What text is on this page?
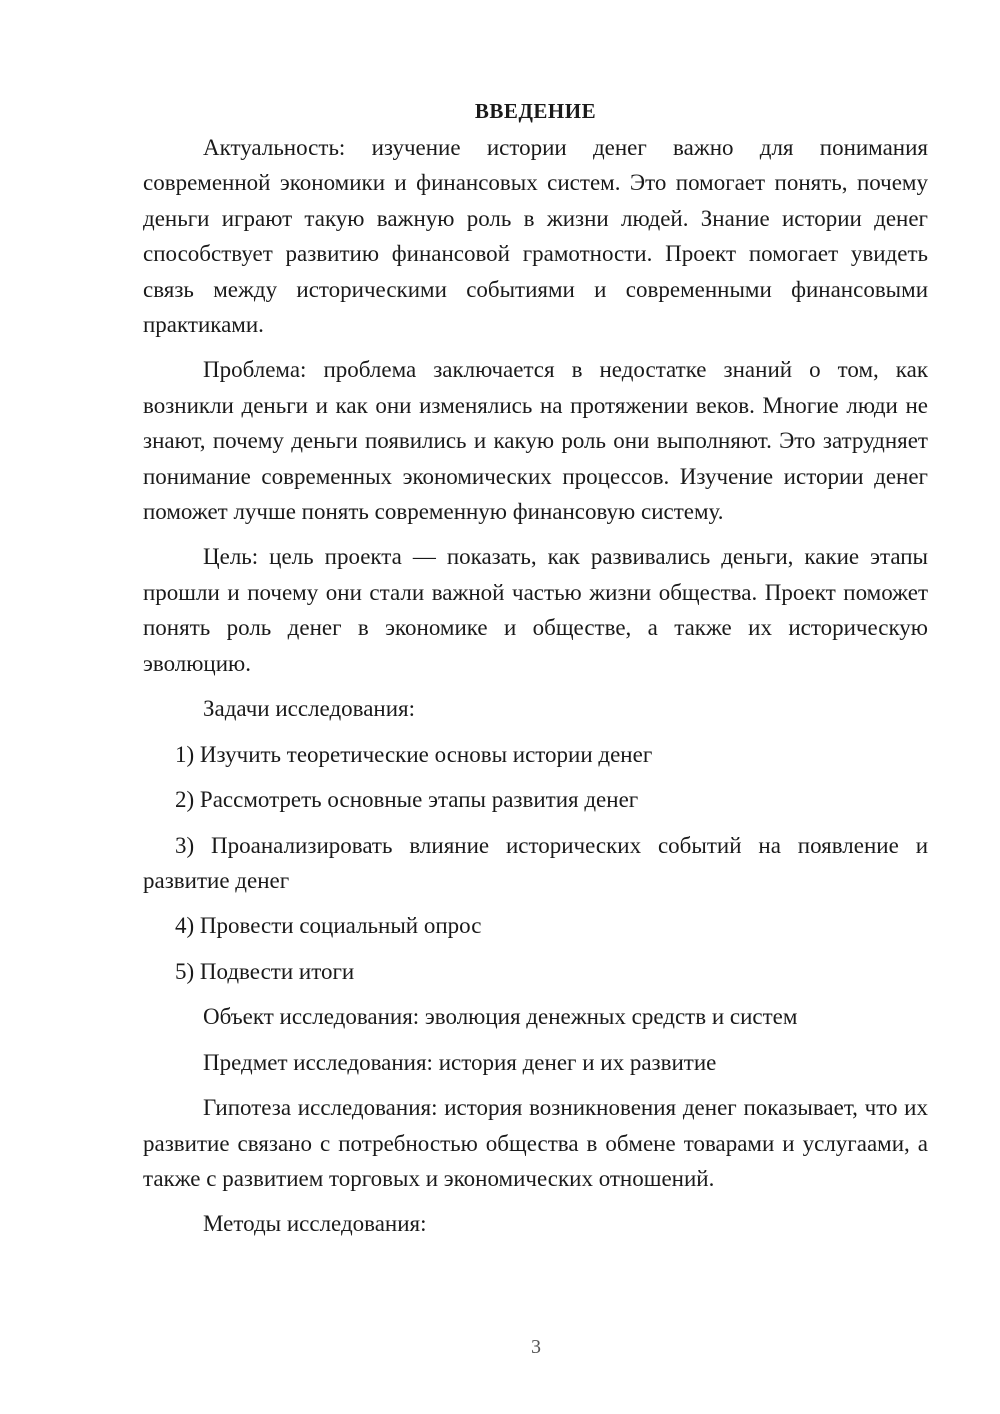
ВВЕДЕНИЕ

Актуальность: изучение истории денег важно для понимания современной экономики и финансовых систем. Это помогает понять, почему деньги играют такую важную роль в жизни людей. Знание истории денег способствует развитию финансовой грамотности. Проект помогает увидеть связь между историческими событиями и современными финансовыми практиками.

Проблема: проблема заключается в недостатке знаний о том, как возникли деньги и как они изменялись на протяжении веков. Многие люди не знают, почему деньги появились и какую роль они выполняют. Это затрудняет понимание современных экономических процессов. Изучение истории денег поможет лучше понять современную финансовую систему.

Цель: цель проекта — показать, как развивались деньги, какие этапы прошли и почему они стали важной частью жизни общества. Проект поможет понять роль денег в экономике и обществе, а также их историческую эволюцию.

Задачи исследования:

1) Изучить теоретические основы истории денег

2) Рассмотреть основные этапы развития денег

3) Проанализировать влияние исторических событий на появление и развитие денег

4) Провести социальный опрос

5) Подвести итоги

Объект исследования: эволюция денежных средств и систем

Предмет исследования: история денег и их развитие

Гипотеза исследования: история возникновения денег показывает, что их развитие связано с потребностью общества в обмене товарами и услугаами, а также с развитием торговых и экономических отношений.

Методы исследования:

3
